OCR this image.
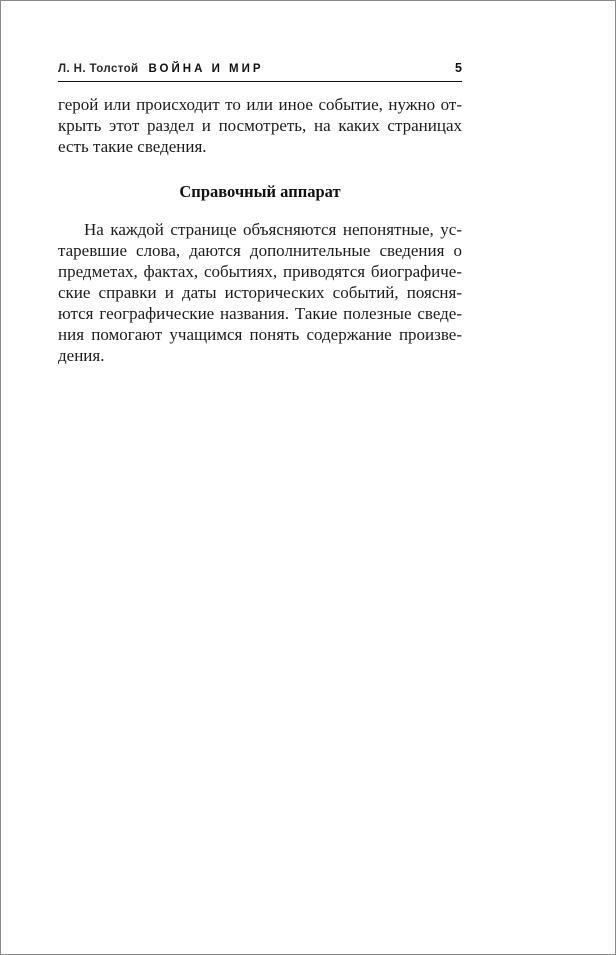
Л. Н. Толстой ВОЙНА И МИР	5
герой или происходит то или иное событие, нужно от-
крыть этот раздел и посмотреть, на каких страницах
есть такие сведения.
Справочный аппарат
На каждой странице объясняются непонятные, ус-
таревшие слова, даются дополнительные сведения о
предметах, фактах, событиях, приводятся биографиче-
ские справки и даты исторических событий, поясня-
ются географические названия. Такие полезные сведе-
ния помогают учащимся понять содержание произве-
дения.
